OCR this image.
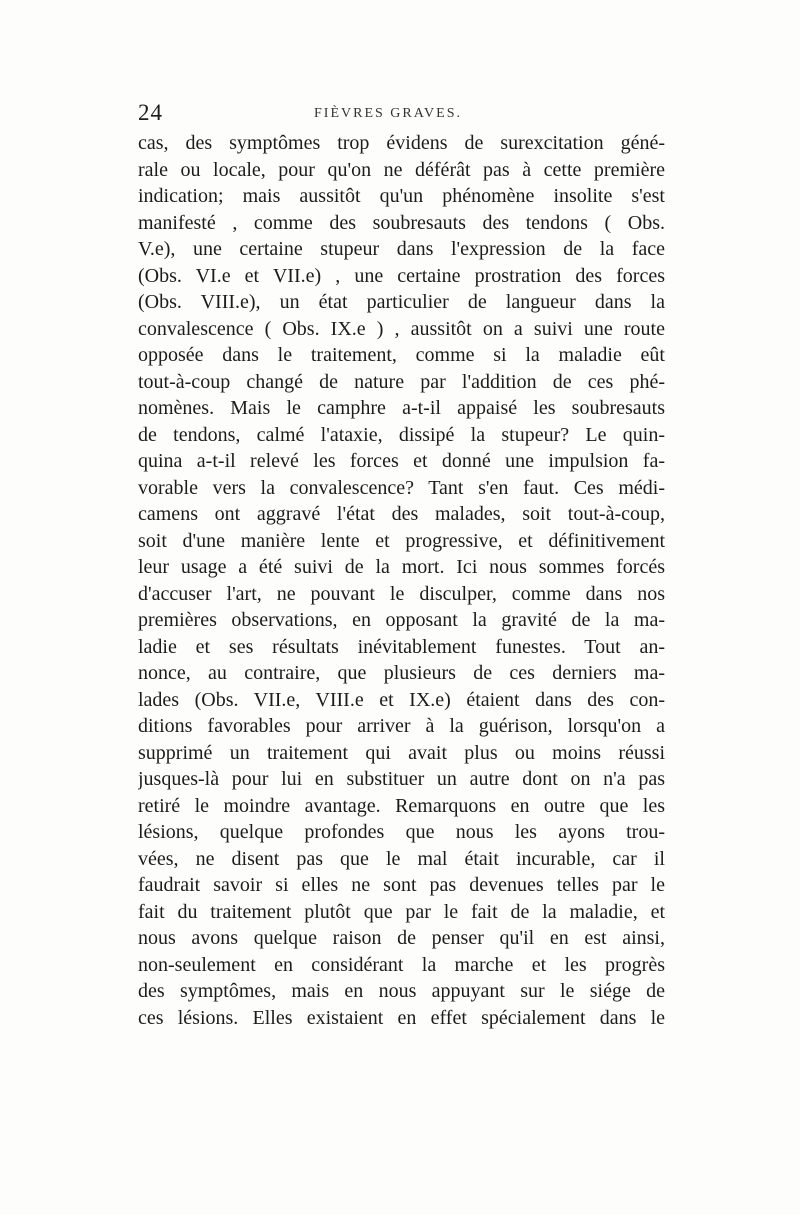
24	FIÈVRES GRAVES.
cas, des symptômes trop évidens de surexcitation géné-
rale ou locale, pour qu'on ne déférât pas à cette première
indication; mais aussitôt qu'un phénomène insolite s'est
manifesté , comme des soubresauts des tendons ( Obs.
V.e), une certaine stupeur dans l'expression de la face
(Obs. VI.e et VII.e) , une certaine prostration des forces
(Obs. VIII.e), un état particulier de langueur dans la
convalescence ( Obs. IX.e ) , aussitôt on a suivi une route
opposée dans le traitement, comme si la maladie eût
tout-à-coup changé de nature par l'addition de ces phé-
nomènes. Mais le camphre a-t-il appaisé les soubresauts
de tendons, calmé l'ataxie, dissipé la stupeur? Le quin-
quina a-t-il relevé les forces et donné une impulsion fa-
vorable vers la convalescence? Tant s'en faut. Ces médi-
camens ont aggravé l'état des malades, soit tout-à-coup,
soit d'une manière lente et progressive, et définitivement
leur usage a été suivi de la mort. Ici nous sommes forcés
d'accuser l'art, ne pouvant le disculper, comme dans nos
premières observations, en opposant la gravité de la ma-
ladie et ses résultats inévitablement funestes. Tout an-
nonce, au contraire, que plusieurs de ces derniers ma-
lades (Obs. VII.e, VIII.e et IX.e) étaient dans des con-
ditions favorables pour arriver à la guérison, lorsqu'on a
supprimé un traitement qui avait plus ou moins réussi
jusques-là pour lui en substituer un autre dont on n'a pas
retiré le moindre avantage. Remarquons en outre que les
lésions, quelque profondes que nous les ayons trou-
vées, ne disent pas que le mal était incurable, car il
faudrait savoir si elles ne sont pas devenues telles par le
fait du traitement plutôt que par le fait de la maladie, et
nous avons quelque raison de penser qu'il en est ainsi,
non-seulement en considérant la marche et les progrès
des symptômes, mais en nous appuyant sur le siége de
ces lésions. Elles existaient en effet spécialement dans le
